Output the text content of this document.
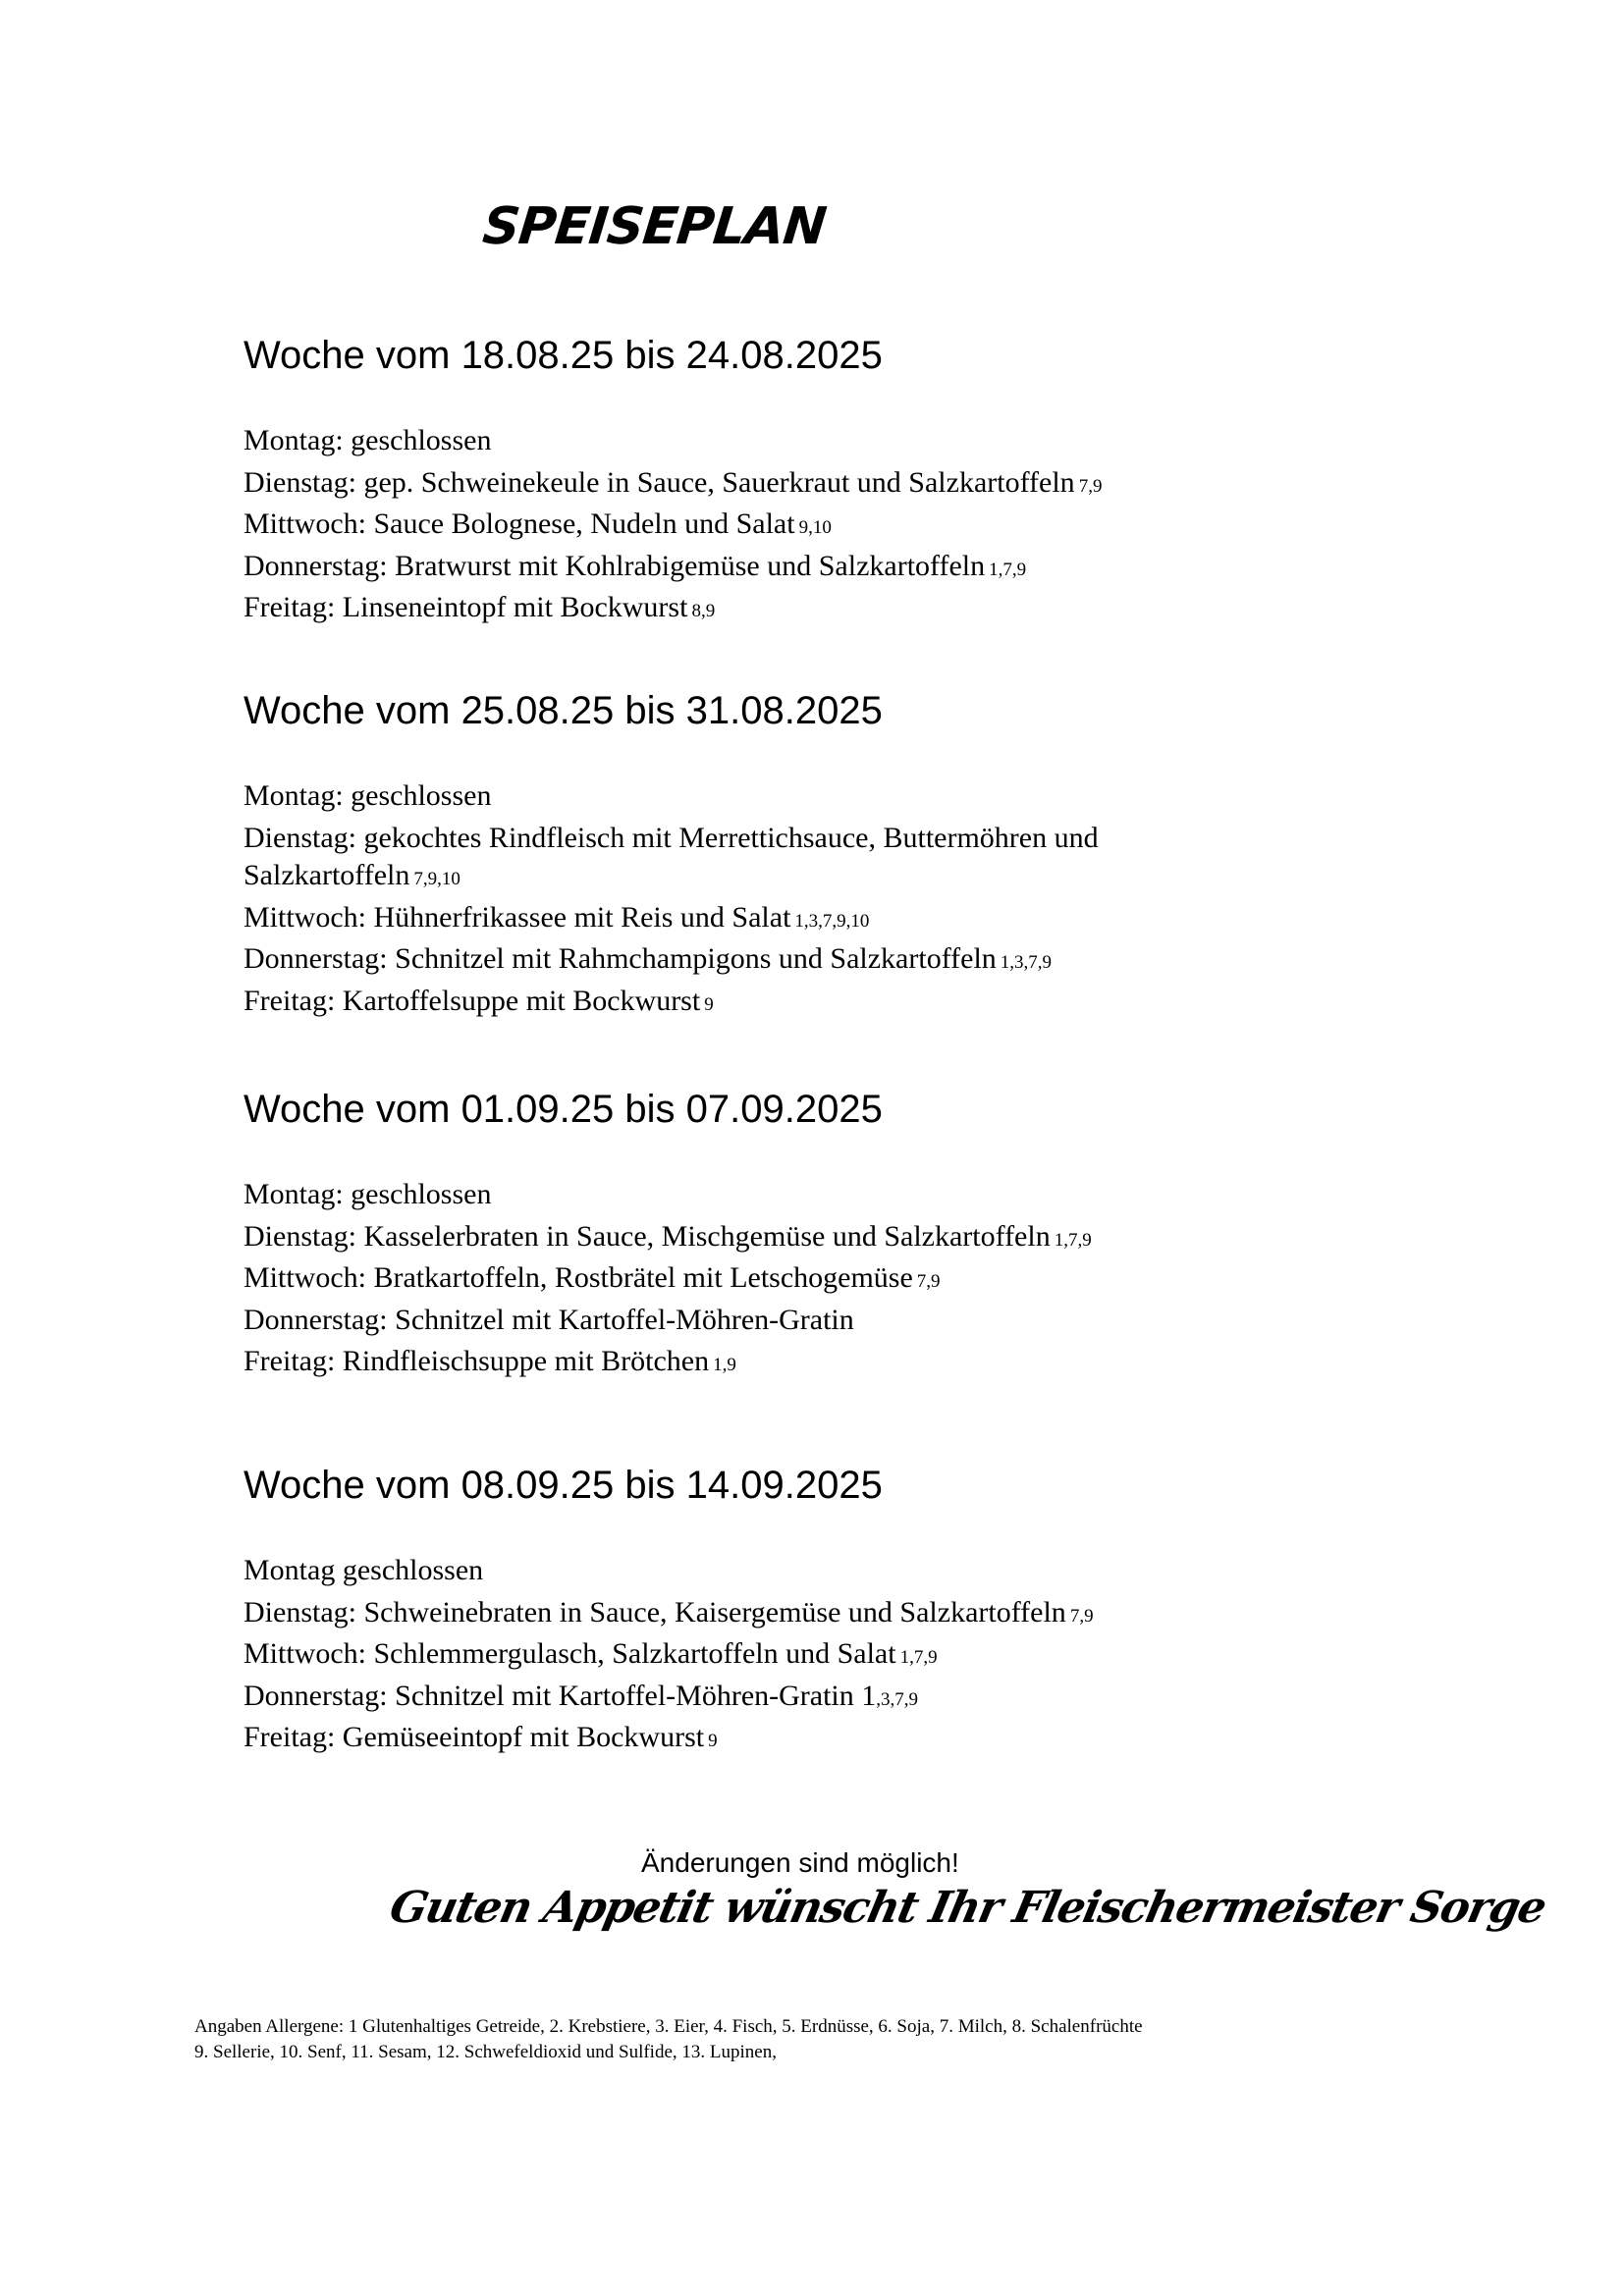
SPEISEPLAN
Woche vom 18.08.25 bis 24.08.2025
Montag: geschlossen
Dienstag: gep. Schweinekeule in Sauce, Sauerkraut und Salzkartoffeln 7,9
Mittwoch: Sauce Bolognese, Nudeln und Salat 9,10
Donnerstag: Bratwurst mit Kohlrabigemüse und Salzkartoffeln 1,7,9
Freitag: Linseneintopf mit Bockwurst 8,9
Woche vom 25.08.25 bis 31.08.2025
Montag: geschlossen
Dienstag: gekochtes Rindfleisch mit Merrettichsauce, Buttermöhren und Salzkartoffeln 7,9,10
Mittwoch: Hühnerfrikassee mit Reis und Salat 1,3,7,9,10
Donnerstag: Schnitzel mit Rahmchampigons und Salzkartoffeln 1,3,7,9
Freitag: Kartoffelsuppe mit Bockwurst 9
Woche vom 01.09.25 bis 07.09.2025
Montag: geschlossen
Dienstag: Kasselerbraten in Sauce, Mischgemüse und Salzkartoffeln 1,7,9
Mittwoch: Bratkartoffeln, Rostbrätel mit Letschogemüse 7,9
Donnerstag: Schnitzel mit Kartoffel-Möhren-Gratin
Freitag: Rindfleischsuppe mit Brötchen 1,9
Woche vom 08.09.25 bis 14.09.2025
Montag geschlossen
Dienstag: Schweinebraten in Sauce, Kaisergemüse und Salzkartoffeln 7,9
Mittwoch: Schlemmergulasch, Salzkartoffeln und Salat 1,7,9
Donnerstag: Schnitzel mit Kartoffel-Möhren-Gratin 1,3,7,9
Freitag: Gemüseeintopf mit Bockwurst 9

Änderungen sind möglich!

Guten Appetit wünscht Ihr Fleischermeister Sorge

Angaben Allergene: 1 Glutenhaltiges Getreide, 2. Krebstiere, 3. Eier, 4. Fisch, 5. Erdnüsse, 6. Soja, 7. Milch, 8. Schalenfrüchte

9. Sellerie, 10. Senf, 11. Sesam, 12. Schwefeldioxid und Sulfide, 13. Lupinen,
